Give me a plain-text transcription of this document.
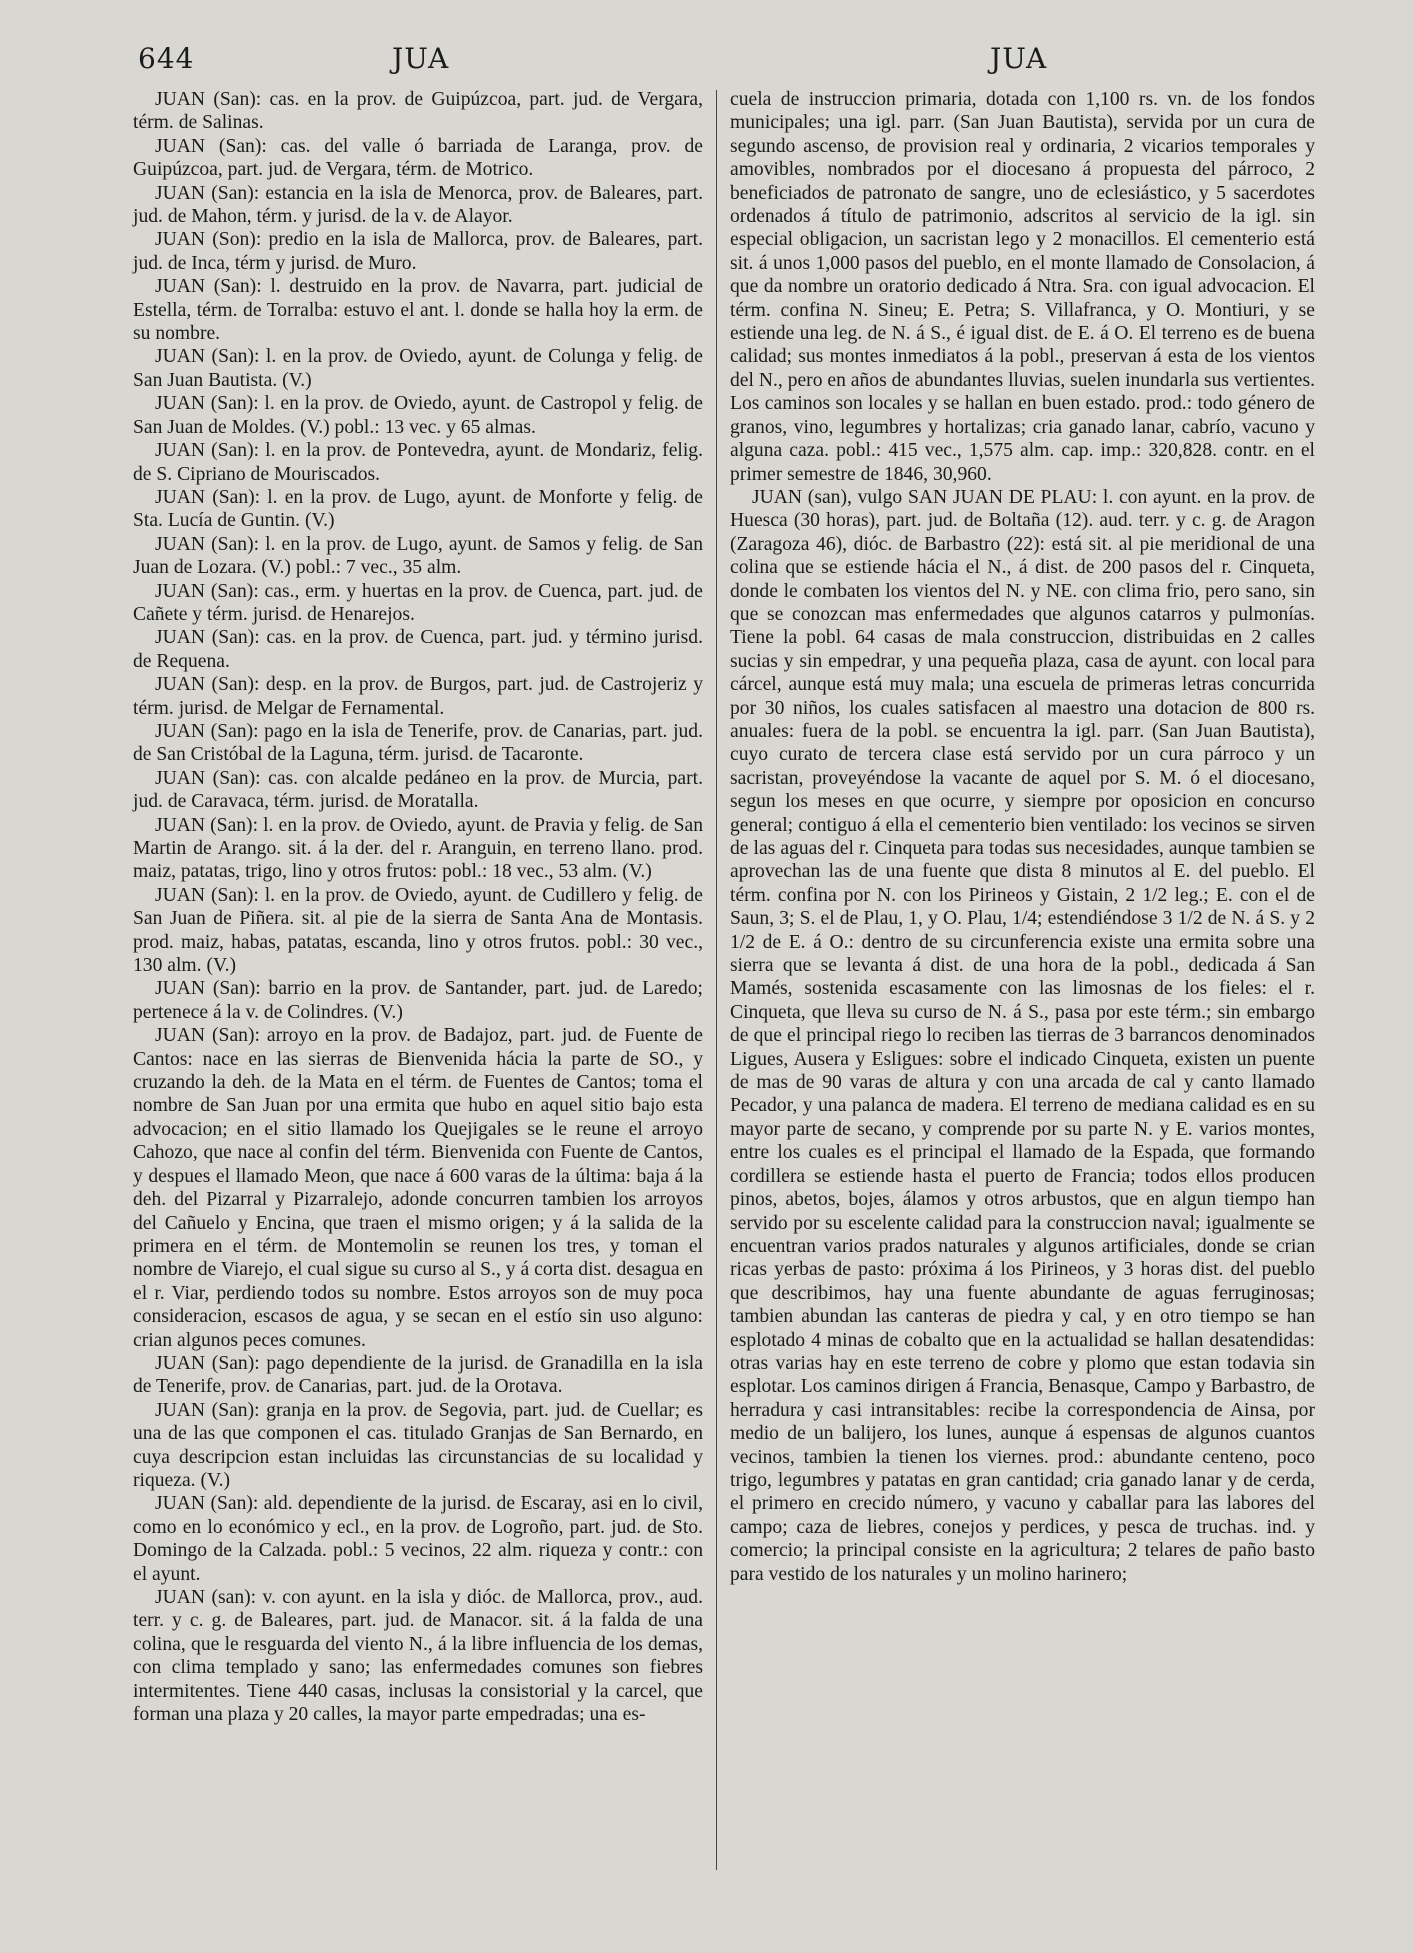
644	JUA	JUA

JUAN (San): cas. en la prov. de Guipúzcoa, part. jud. de Vergara, térm. de Salinas.

JUAN (San): cas. del valle ó barriada de Laranga, prov. de Guipúzcoa, part. jud. de Vergara, térm. de Motrico.

JUAN (San): estancia en la isla de Menorca, prov. de Baleares, part. jud. de Mahon, térm. y jurisd. de la v. de Alayor.

JUAN (Son): predio en la isla de Mallorca, prov. de Baleares, part. jud. de Inca, térm y jurisd. de Muro.

JUAN (San): l. destruido en la prov. de Navarra, part. judicial de Estella, térm. de Torralba: estuvo el ant. l. donde se halla hoy la erm. de su nombre.

JUAN (San): l. en la prov. de Oviedo, ayunt. de Colunga y felig. de San Juan Bautista. (V.)

JUAN (San): l. en la prov. de Oviedo, ayunt. de Castropol y felig. de San Juan de Moldes. (V.) pobl.: 13 vec. y 65 almas.

JUAN (San): l. en la prov. de Pontevedra, ayunt. de Mondariz, felig. de S. Cipriano de Mouriscados.

JUAN (San): l. en la prov. de Lugo, ayunt. de Monforte y felig. de Sta. Lucía de Guntin. (V.)

JUAN (San): l. en la prov. de Lugo, ayunt. de Samos y felig. de San Juan de Lozara. (V.) pobl.: 7 vec., 35 alm.

JUAN (San): cas., erm. y huertas en la prov. de Cuenca, part. jud. de Cañete y térm. jurisd. de Henarejos.

JUAN (San): cas. en la prov. de Cuenca, part. jud. y término jurisd. de Requena.

JUAN (San): desp. en la prov. de Burgos, part. jud. de Castrojeriz y térm. jurisd. de Melgar de Fernamental.

JUAN (San): pago en la isla de Tenerife, prov. de Canarias, part. jud. de San Cristóbal de la Laguna, térm. jurisd. de Tacaronte.

JUAN (San): cas. con alcalde pedáneo en la prov. de Murcia, part. jud. de Caravaca, térm. jurisd. de Moratalla.

JUAN (San): l. en la prov. de Oviedo, ayunt. de Pravia y felig. de San Martin de Arango. sit. á la der. del r. Aranguin, en terreno llano. prod. maiz, patatas, trigo, lino y otros frutos: pobl.: 18 vec., 53 alm. (V.)

JUAN (San): l. en la prov. de Oviedo, ayunt. de Cudillero y felig. de San Juan de Piñera. sit. al pie de la sierra de Santa Ana de Montasis. prod. maiz, habas, patatas, escanda, lino y otros frutos. pobl.: 30 vec., 130 alm. (V.)

JUAN (San): barrio en la prov. de Santander, part. jud. de Laredo; pertenece á la v. de Colindres. (V.)

JUAN (San): arroyo en la prov. de Badajoz, part. jud. de Fuente de Cantos: nace en las sierras de Bienvenida hácia la parte de SO., y cruzando la deh. de la Mata en el térm. de Fuentes de Cantos; toma el nombre de San Juan por una ermita que hubo en aquel sitio bajo esta advocacion; en el sitio llamado los Quejigales se le reune el arroyo Cahozo, que nace al confin del térm. Bienvenida con Fuente de Cantos, y despues el llamado Meon, que nace á 600 varas de la última: baja á la deh. del Pizarral y Pizarralejo, adonde concurren tambien los arroyos del Cañuelo y Encina, que traen el mismo origen; y á la salida de la primera en el térm. de Montemolin se reunen los tres, y toman el nombre de Viarejo, el cual sigue su curso al S., y á corta dist. desagua en el r. Viar, perdiendo todos su nombre. Estos arroyos son de muy poca consideracion, escasos de agua, y se secan en el estío sin uso alguno: crian algunos peces comunes.

JUAN (San): pago dependiente de la jurisd. de Granadilla en la isla de Tenerife, prov. de Canarias, part. jud. de la Orotava.

JUAN (San): granja en la prov. de Segovia, part. jud. de Cuellar; es una de las que componen el cas. titulado Granjas de San Bernardo, en cuya descripcion estan incluidas las circunstancias de su localidad y riqueza. (V.)

JUAN (San): ald. dependiente de la jurisd. de Escaray, asi en lo civil, como en lo económico y ecl., en la prov. de Logroño, part. jud. de Sto. Domingo de la Calzada. pobl.: 5 vecinos, 22 alm. riqueza y contr.: con el ayunt.

JUAN (san): v. con ayunt. en la isla y dióc. de Mallorca, prov., aud. terr. y c. g. de Baleares, part. jud. de Manacor. sit. á la falda de una colina, que le resguarda del viento N., á la libre influencia de los demas, con clima templado y sano; las enfermedades comunes son fiebres intermitentes. Tiene 440 casas, inclusas la consistorial y la carcel, que forman una plaza y 20 calles, la mayor parte empedradas; una es-

cuela de instruccion primaria, dotada con 1,100 rs. vn. de los fondos municipales; una igl. parr. (San Juan Bautista), servida por un cura de segundo ascenso, de provision real y ordinaria, 2 vicarios temporales y amovibles, nombrados por el diocesano á propuesta del párroco, 2 beneficiados de patronato de sangre, uno de eclesiástico, y 5 sacerdotes ordenados á título de patrimonio, adscritos al servicio de la igl. sin especial obligacion, un sacristan lego y 2 monacillos. El cementerio está sit. á unos 1,000 pasos del pueblo, en el monte llamado de Consolacion, á que da nombre un oratorio dedicado á Ntra. Sra. con igual advocacion. El térm. confina N. Sineu; E. Petra; S. Villafranca, y O. Montiuri, y se estiende una leg. de N. á S., é igual dist. de E. á O. El terreno es de buena calidad; sus montes inmediatos á la pobl., preservan á esta de los vientos del N., pero en años de abundantes lluvias, suelen inundarla sus vertientes. Los caminos son locales y se hallan en buen estado. prod.: todo género de granos, vino, legumbres y hortalizas; cria ganado lanar, cabrío, vacuno y alguna caza. pobl.: 415 vec., 1,575 alm. cap. imp.: 320,828. contr. en el primer semestre de 1846, 30,960.

JUAN (san), vulgo SAN JUAN DE PLAU: l. con ayunt. en la prov. de Huesca (30 horas), part. jud. de Boltaña (12). aud. terr. y c. g. de Aragon (Zaragoza 46), dióc. de Barbastro (22): está sit. al pie meridional de una colina que se estiende hácia el N., á dist. de 200 pasos del r. Cinqueta, donde le combaten los vientos del N. y NE. con clima frio, pero sano, sin que se conozcan mas enfermedades que algunos catarros y pulmonías. Tiene la pobl. 64 casas de mala construccion, distribuidas en 2 calles sucias y sin empedrar, y una pequeña plaza, casa de ayunt. con local para cárcel, aunque está muy mala; una escuela de primeras letras concurrida por 30 niños, los cuales satisfacen al maestro una dotacion de 800 rs. anuales: fuera de la pobl. se encuentra la igl. parr. (San Juan Bautista), cuyo curato de tercera clase está servido por un cura párroco y un sacristan, proveyéndose la vacante de aquel por S. M. ó el diocesano, segun los meses en que ocurre, y siempre por oposicion en concurso general; contiguo á ella el cementerio bien ventilado: los vecinos se sirven de las aguas del r. Cinqueta para todas sus necesidades, aunque tambien se aprovechan las de una fuente que dista 8 minutos al E. del pueblo. El térm. confina por N. con los Pirineos y Gistain, 2 1/2 leg.; E. con el de Saun, 3; S. el de Plau, 1, y O. Plau, 1/4; estendiéndose 3 1/2 de N. á S. y 2 1/2 de E. á O.: dentro de su circunferencia existe una ermita sobre una sierra que se levanta á dist. de una hora de la pobl., dedicada á San Mamés, sostenida escasamente con las limosnas de los fieles: el r. Cinqueta, que lleva su curso de N. á S., pasa por este térm.; sin embargo de que el principal riego lo reciben las tierras de 3 barrancos denominados Ligues, Ausera y Esligues: sobre el indicado Cinqueta, existen un puente de mas de 90 varas de altura y con una arcada de cal y canto llamado Pecador, y una palanca de madera. El terreno de mediana calidad es en su mayor parte de secano, y comprende por su parte N. y E. varios montes, entre los cuales es el principal el llamado de la Espada, que formando cordillera se estiende hasta el puerto de Francia; todos ellos producen pinos, abetos, bojes, álamos y otros arbustos, que en algun tiempo han servido por su escelente calidad para la construccion naval; igualmente se encuentran varios prados naturales y algunos artificiales, donde se crian ricas yerbas de pasto: próxima á los Pirineos, y 3 horas dist. del pueblo que describimos, hay una fuente abundante de aguas ferruginosas; tambien abundan las canteras de piedra y cal, y en otro tiempo se han esplotado 4 minas de cobalto que en la actualidad se hallan desatendidas: otras varias hay en este terreno de cobre y plomo que estan todavia sin esplotar. Los caminos dirigen á Francia, Benasque, Campo y Barbastro, de herradura y casi intransitables: recibe la correspondencia de Ainsa, por medio de un balijero, los lunes, aunque á espensas de algunos cuantos vecinos, tambien la tienen los viernes. prod.: abundante centeno, poco trigo, legumbres y patatas en gran cantidad; cria ganado lanar y de cerda, el primero en crecido número, y vacuno y caballar para las labores del campo; caza de liebres, conejos y perdices, y pesca de truchas. ind. y comercio; la principal consiste en la agricultura; 2 telares de paño basto para vestido de los naturales y un molino harinero;
